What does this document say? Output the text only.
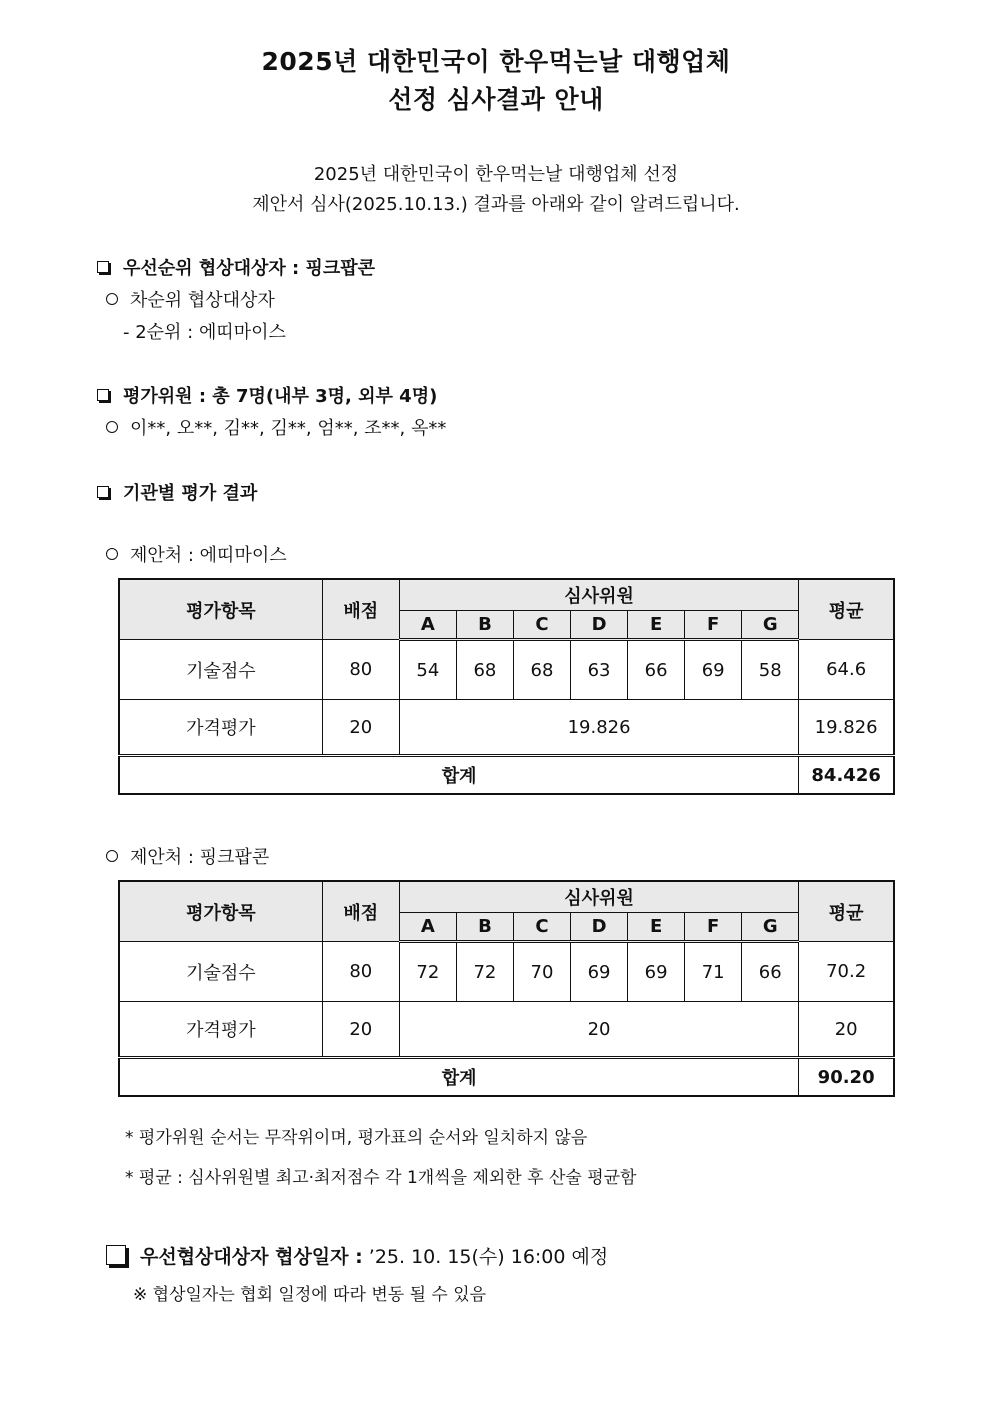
2025년 대한민국이 한우먹는날 대행업체
선정 심사결과 안내
2025년 대한민국이 한우먹는날 대행업체 선정
제안서 심사(2025.10.13.) 결과를 아래와 같이 알려드립니다.
우선순위 협상대상자 : 핑크팝콘
차순위 협상대상자
- 2순위 : 에띠마이스
평가위원 : 총 7명(내부 3명, 외부 4명)
이**, 오**, 김**, 김**, 엄**, 조**, 옥**
기관별 평가 결과
제안처 : 에띠마이스
평가항목	배점	심사위원							평균
		A	B	C	D	E	F	G	
기술점수	80	54	68	68	63	66	69	58	64.6
가격평가	20	19.826							19.826
합계									84.426
제안처 : 핑크팝콘
평가항목	배점	심사위원							평균
		A	B	C	D	E	F	G	
기술점수	80	72	72	70	69	69	71	66	70.2
가격평가	20	20							20
합계									90.20
* 평가위원 순서는 무작위이며, 평가표의 순서와 일치하지 않음
* 평균 : 심사위원별 최고·최저점수 각 1개씩을 제외한 후 산술 평균함
우선협상대상자 협상일자 : ’25. 10. 15(수) 16:00 예정
※ 협상일자는 협회 일정에 따라 변동 될 수 있음
